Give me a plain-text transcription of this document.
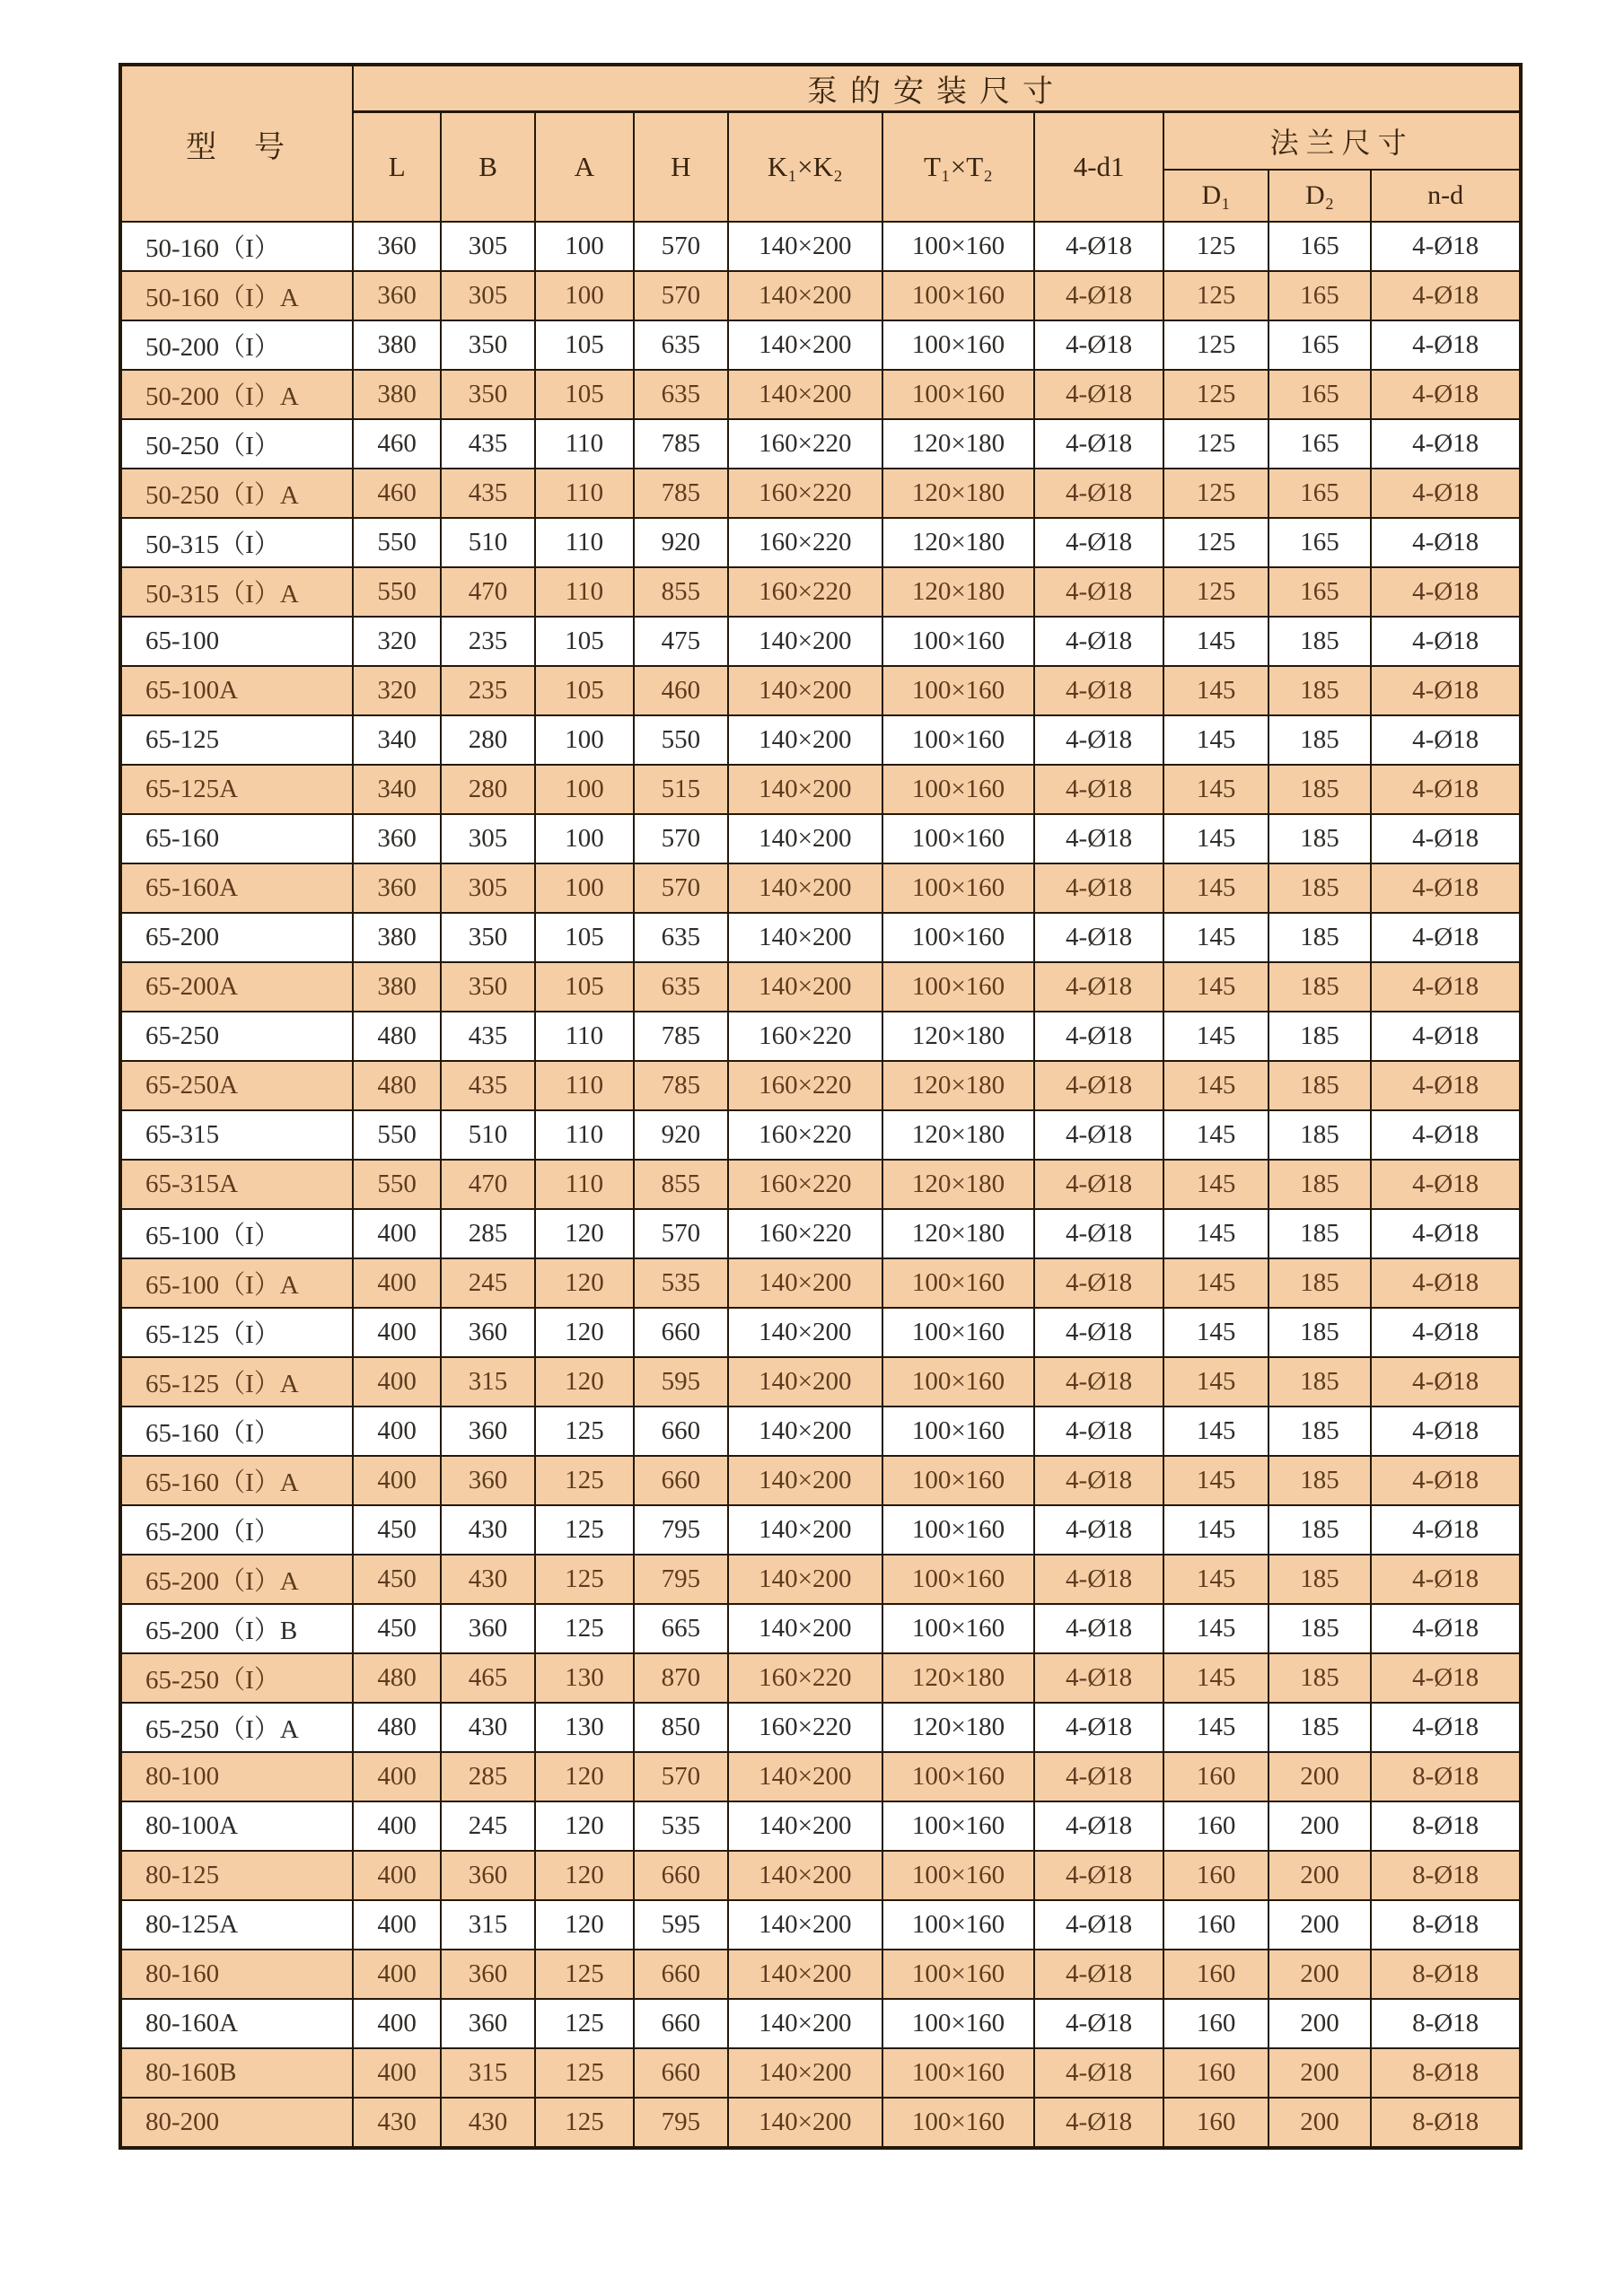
型　号	泵的安装尺寸									
	L	B	A	H	K₁×K₂	T₁×T₂	4-d1	法兰尺寸		
								D₁	D₂	n-d
50-160（I）	360	305	100	570	140×200	100×160	4-Ø18	125	165	4-Ø18
50-160（I）A	360	305	100	570	140×200	100×160	4-Ø18	125	165	4-Ø18
50-200（I）	380	350	105	635	140×200	100×160	4-Ø18	125	165	4-Ø18
50-200（I）A	380	350	105	635	140×200	100×160	4-Ø18	125	165	4-Ø18
50-250（I）	460	435	110	785	160×220	120×180	4-Ø18	125	165	4-Ø18
50-250（I）A	460	435	110	785	160×220	120×180	4-Ø18	125	165	4-Ø18
50-315（I）	550	510	110	920	160×220	120×180	4-Ø18	125	165	4-Ø18
50-315（I）A	550	470	110	855	160×220	120×180	4-Ø18	125	165	4-Ø18
65-100	320	235	105	475	140×200	100×160	4-Ø18	145	185	4-Ø18
65-100A	320	235	105	460	140×200	100×160	4-Ø18	145	185	4-Ø18
65-125	340	280	100	550	140×200	100×160	4-Ø18	145	185	4-Ø18
65-125A	340	280	100	515	140×200	100×160	4-Ø18	145	185	4-Ø18
65-160	360	305	100	570	140×200	100×160	4-Ø18	145	185	4-Ø18
65-160A	360	305	100	570	140×200	100×160	4-Ø18	145	185	4-Ø18
65-200	380	350	105	635	140×200	100×160	4-Ø18	145	185	4-Ø18
65-200A	380	350	105	635	140×200	100×160	4-Ø18	145	185	4-Ø18
65-250	480	435	110	785	160×220	120×180	4-Ø18	145	185	4-Ø18
65-250A	480	435	110	785	160×220	120×180	4-Ø18	145	185	4-Ø18
65-315	550	510	110	920	160×220	120×180	4-Ø18	145	185	4-Ø18
65-315A	550	470	110	855	160×220	120×180	4-Ø18	145	185	4-Ø18
65-100（I）	400	285	120	570	160×220	120×180	4-Ø18	145	185	4-Ø18
65-100（I）A	400	245	120	535	140×200	100×160	4-Ø18	145	185	4-Ø18
65-125（I）	400	360	120	660	140×200	100×160	4-Ø18	145	185	4-Ø18
65-125（I）A	400	315	120	595	140×200	100×160	4-Ø18	145	185	4-Ø18
65-160（I）	400	360	125	660	140×200	100×160	4-Ø18	145	185	4-Ø18
65-160（I）A	400	360	125	660	140×200	100×160	4-Ø18	145	185	4-Ø18
65-200（I）	450	430	125	795	140×200	100×160	4-Ø18	145	185	4-Ø18
65-200（I）A	450	430	125	795	140×200	100×160	4-Ø18	145	185	4-Ø18
65-200（I）B	450	360	125	665	140×200	100×160	4-Ø18	145	185	4-Ø18
65-250（I）	480	465	130	870	160×220	120×180	4-Ø18	145	185	4-Ø18
65-250（I）A	480	430	130	850	160×220	120×180	4-Ø18	145	185	4-Ø18
80-100	400	285	120	570	140×200	100×160	4-Ø18	160	200	8-Ø18
80-100A	400	245	120	535	140×200	100×160	4-Ø18	160	200	8-Ø18
80-125	400	360	120	660	140×200	100×160	4-Ø18	160	200	8-Ø18
80-125A	400	315	120	595	140×200	100×160	4-Ø18	160	200	8-Ø18
80-160	400	360	125	660	140×200	100×160	4-Ø18	160	200	8-Ø18
80-160A	400	360	125	660	140×200	100×160	4-Ø18	160	200	8-Ø18
80-160B	400	315	125	660	140×200	100×160	4-Ø18	160	200	8-Ø18
80-200	430	430	125	795	140×200	100×160	4-Ø18	160	200	8-Ø18
